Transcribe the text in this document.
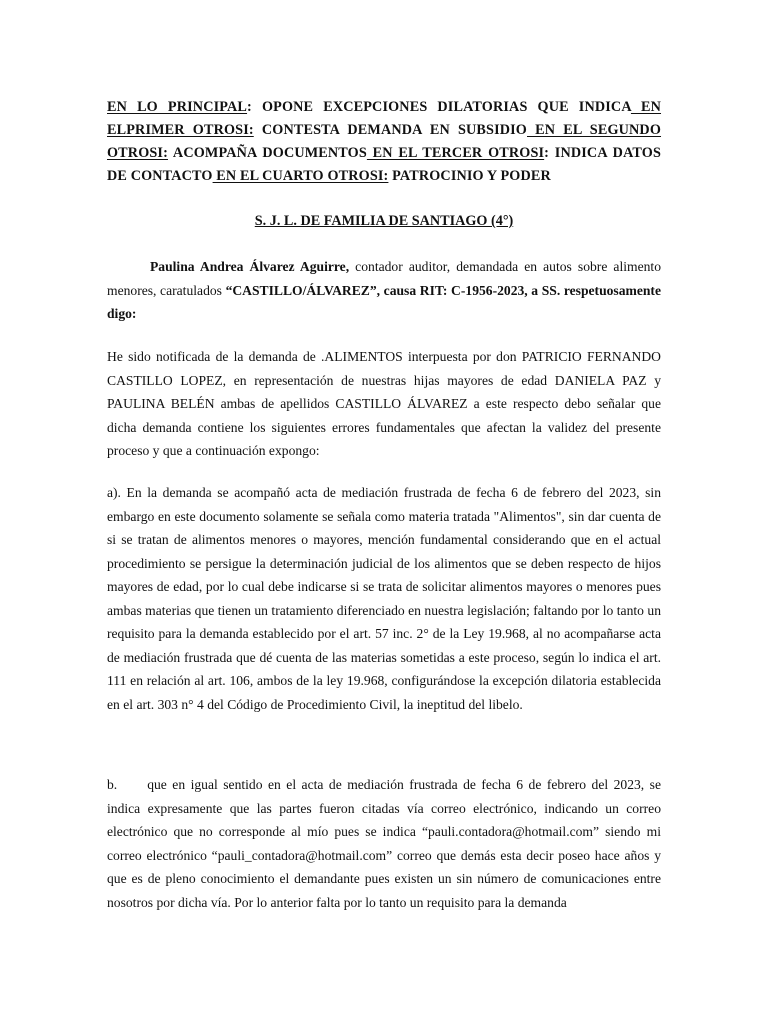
EN LO PRINCIPAL: OPONE EXCEPCIONES DILATORIAS QUE INDICA EN ELPRIMER OTROSI: CONTESTA DEMANDA EN SUBSIDIO EN EL SEGUNDO OTROSI: ACOMPAÑA DOCUMENTOS EN EL TERCER OTROSI: INDICA DATOS DE CONTACTO EN EL CUARTO OTROSI: PATROCINIO Y PODER

S. J. L. DE FAMILIA DE SANTIAGO (4°)

Paulina Andrea Álvarez Aguirre, contador auditor, demandada en autos sobre alimento menores, caratulados “CASTILLO/ÁLVAREZ”, causa RIT: C-1956-2023, a SS. respetuosamente digo:

He sido notificada de la demanda de .ALIMENTOS interpuesta por don PATRICIO FERNANDO CASTILLO LOPEZ, en representación de nuestras hijas mayores de edad DANIELA PAZ y PAULINA BELÉN ambas de apellidos CASTILLO ÁLVAREZ a este respecto debo señalar que dicha demanda contiene los siguientes errores fundamentales que afectan la validez del presente proceso y que a continuación expongo:

a). En la demanda se acompañó acta de mediación frustrada de fecha 6 de febrero del 2023, sin embargo en este documento solamente se señala como materia tratada "Alimentos", sin dar cuenta de si se tratan de alimentos menores o mayores, mención fundamental considerando que en el actual procedimiento se persigue la determinación judicial de los alimentos que se deben respecto de hijos mayores de edad, por lo cual debe indicarse si se trata de solicitar alimentos mayores o menores pues ambas materias que tienen un tratamiento diferenciado en nuestra legislación; faltando por lo tanto un requisito para la demanda establecido por el art. 57 inc. 2° de la Ley 19.968, al no acompañarse acta de mediación frustrada que dé cuenta de las materias sometidas a este proceso, según lo indica el art. 111 en relación al art. 106, ambos de la ley 19.968, configurándose la excepción dilatoria establecida en el art. 303 n° 4 del Código de Procedimiento Civil, la ineptitud del libelo.

b. que en igual sentido en el acta de mediación frustrada de fecha 6 de febrero del 2023, se indica expresamente que las partes fueron citadas vía correo electrónico, indicando un correo electrónico que no corresponde al mío pues se indica “pauli.contadora@hotmail.com” siendo mi correo electrónico “pauli_contadora@hotmail.com” correo que demás esta decir poseo hace años y que es de pleno conocimiento el demandante pues existen un sin número de comunicaciones entre nosotros por dicha vía. Por lo anterior falta por lo tanto un requisito para la demanda
